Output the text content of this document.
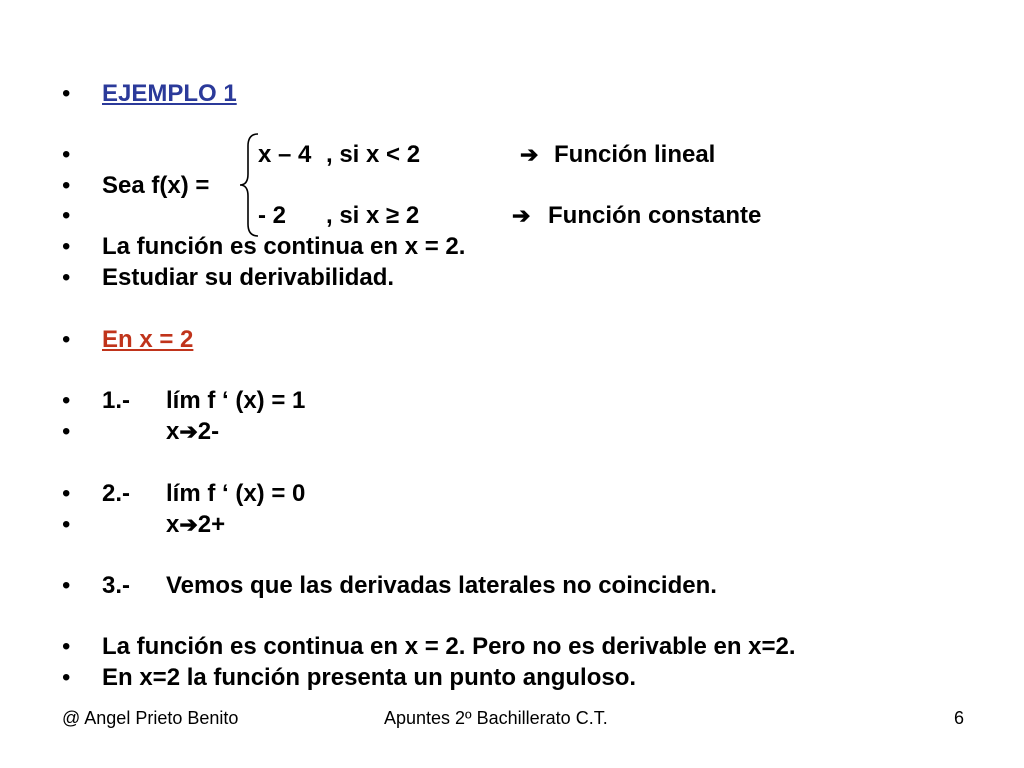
• EJEMPLO 1
•	x – 4 , si x < 2	➔ Función lineal
• Sea f(x) =
•	- 2 , si x ≥ 2	➔ Función constante
• La función es continua en x = 2.
• Estudiar su derivabilidad.
• En x = 2
• 1.- lím f ‘ (x) = 1
•	x➔2-
• 2.- lím f ‘ (x) = 0
•	x➔2+
• 3.- Vemos que las derivadas laterales no coinciden.
• La función es continua en x = 2. Pero no es derivable en x=2.
• En x=2 la función presenta un punto anguloso.
@ Angel Prieto Benito	Apuntes 2º Bachillerato C.T.	6
